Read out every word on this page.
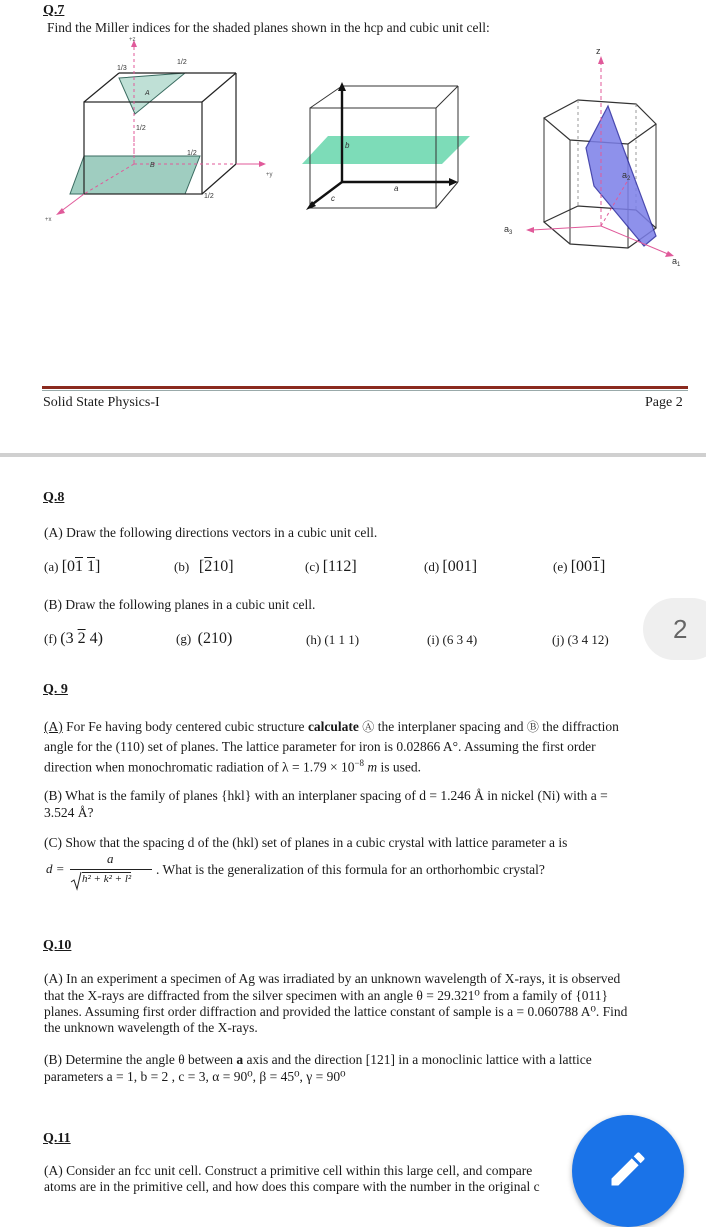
Q.7
Find the Miller indices for the shaded planes shown in the hcp and cubic unit cell:
+z
+y
+x
A
B
1/3
1/2
1/2
1/2
1/2
b
a
c
z
$a_3$
$a_1$
$a_2$
Solid State Physics-I	Page 2
Q.8
(A) Draw the following directions vectors in a cubic unit cell.
(a) [01 1]	(b) [210]	(c) [112]	(d) [001]	(e) [001]
(B) Draw the following planes in a cubic unit cell.
(f) (3 2 4)	(g) (210)	(h) (1 1 1)	(i) (6 3 4)	(j) (3 4 12)	2
Q. 9
(A) For Fe having body centered cubic structure calculate Ⓐ the interplaner spacing and Ⓑ the diffraction
angle for the (110) set of planes. The lattice parameter for iron is 0.02866 A°. Assuming the first order
direction when monochromatic radiation of $\lambda = 1.79 \times 10^{-8}$ m is used.
(B) What is the family of planes {hkl} with an interplaner spacing of d = 1.246 Å in nickel (Ni) with a =
3.524 Å?
(C) Show that the spacing d of the (hkl) set of planes in a cubic crystal with lattice parameter a is
d =
a
h² + k² + l²
. What is the generalization of this formula for an orthorhombic crystal?
Q.10
(A) In an experiment a specimen of Ag was irradiated by an unknown wavelength of X-rays, it is observed
that the X-rays are diffracted from the silver specimen with an angle θ = 29.321⁰ from a family of {011}
planes. Assuming first order diffraction and provided the lattice constant of sample is a = 0.060788 A⁰. Find
the unknown wavelength of the X-rays.
(B) Determine the angle θ between a axis and the direction [121] in a monoclinic lattice with a lattice
parameters a = 1, b = 2 , c = 3, α = 90⁰, β = 45⁰, γ = 90⁰
Q.11
(A) Consider an fcc unit cell. Construct a primitive cell within this large cell, and compare
atoms are in the primitive cell, and how does this compare with the number in the original c
